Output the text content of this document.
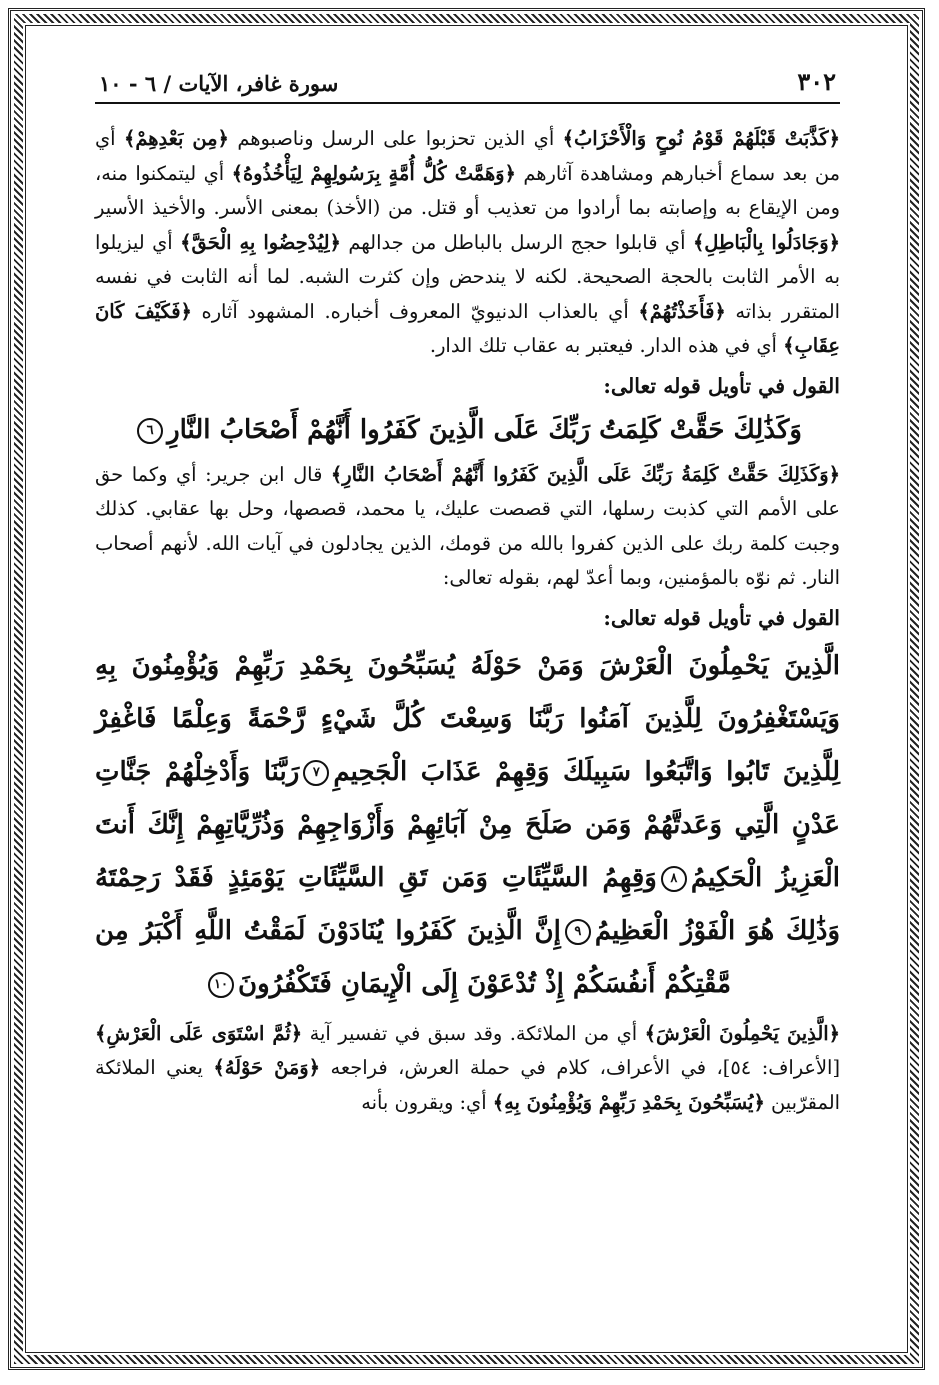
٣٠٢
سورة غافر، الآيات / ٦ - ١٠

﴿كَذَّبَتْ قَبْلَهُمْ قَوْمُ نُوحٍ وَالْأَحْزَابُ﴾ أي الذين تحزبوا على الرسل وناصبوهم ﴿مِن بَعْدِهِمْ﴾ أي من بعد سماع أخبارهم ومشاهدة آثارهم ﴿وَهَمَّتْ كُلُّ أُمَّةٍ بِرَسُولِهِمْ لِيَأْخُذُوهُ﴾ أي ليتمكنوا منه، ومن الإيقاع به وإصابته بما أرادوا من تعذيب أو قتل. من (الأخذ) بمعنى الأسر. والأخيذ الأسير ﴿وَجَادَلُوا بِالْبَاطِلِ﴾ أي قابلوا حجج الرسل بالباطل من جدالهم ﴿لِيُدْحِضُوا بِهِ الْحَقَّ﴾ أي ليزيلوا به الأمر الثابت بالحجة الصحيحة. لكنه لا يندحض وإن كثرت الشبه. لما أنه الثابت في نفسه المتقرر بذاته ﴿فَأَخَذْتُهُمْ﴾ أي بالعذاب الدنيويّ المعروف أخباره. المشهود آثاره ﴿فَكَيْفَ كَانَ عِقَابِ﴾ أي في هذه الدار. فيعتبر به عقاب تلك الدار.

القول في تأويل قوله تعالى:

وَكَذَٰلِكَ حَقَّتْ كَلِمَتُ رَبِّكَ عَلَى الَّذِينَ كَفَرُوا أَنَّهُمْ أَصْحَابُ النَّارِ٦

﴿وَكَذَلِكَ حَقَّتْ كَلِمَةُ رَبِّكَ عَلَى الَّذِينَ كَفَرُوا أَنَّهُمْ أَصْحَابُ النَّارِ﴾ قال ابن جرير: أي وكما حق على الأمم التي كذبت رسلها، التي قصصت عليك، يا محمد، قصصها، وحل بها عقابي. كذلك وجبت كلمة ربك على الذين كفروا بالله من قومك، الذين يجادلون في آيات الله. لأنهم أصحاب النار. ثم نوّه بالمؤمنين، وبما أعدّ لهم، بقوله تعالى:

القول في تأويل قوله تعالى:

الَّذِينَ يَحْمِلُونَ الْعَرْشَ وَمَنْ حَوْلَهُ يُسَبِّحُونَ بِحَمْدِ رَبِّهِمْ وَيُؤْمِنُونَ بِهِ وَيَسْتَغْفِرُونَ لِلَّذِينَ آمَنُوا رَبَّنَا وَسِعْتَ كُلَّ شَيْءٍ رَّحْمَةً وَعِلْمًا فَاغْفِرْ لِلَّذِينَ تَابُوا وَاتَّبَعُوا سَبِيلَكَ وَقِهِمْ عَذَابَ الْجَحِيمِ٧رَبَّنَا وَأَدْخِلْهُمْ جَنَّاتِ عَدْنٍ الَّتِي وَعَدتَّهُمْ وَمَن صَلَحَ مِنْ آبَائِهِمْ وَأَزْوَاجِهِمْ وَذُرِّيَّاتِهِمْ إِنَّكَ أَنتَ الْعَزِيزُ الْحَكِيمُ٨وَقِهِمُ السَّيِّئَاتِ وَمَن تَقِ السَّيِّئَاتِ يَوْمَئِذٍ فَقَدْ رَحِمْتَهُ وَذَٰلِكَ هُوَ الْفَوْزُ الْعَظِيمُ٩إِنَّ الَّذِينَ كَفَرُوا يُنَادَوْنَ لَمَقْتُ اللَّهِ أَكْبَرُ مِن مَّقْتِكُمْ أَنفُسَكُمْ إِذْ تُدْعَوْنَ إِلَى الْإِيمَانِ فَتَكْفُرُونَ١٠

﴿الَّذِينَ يَحْمِلُونَ الْعَرْشَ﴾ أي من الملائكة. وقد سبق في تفسير آية ﴿ثُمَّ اسْتَوَى عَلَى الْعَرْشِ﴾ [الأعراف: ٥٤]، في الأعراف، كلام في حملة العرش، فراجعه ﴿وَمَنْ حَوْلَهُ﴾ يعني الملائكة المقرّبين ﴿يُسَبِّحُونَ بِحَمْدِ رَبِّهِمْ وَيُؤْمِنُونَ بِهِ﴾ أي: ويقرون بأنه
